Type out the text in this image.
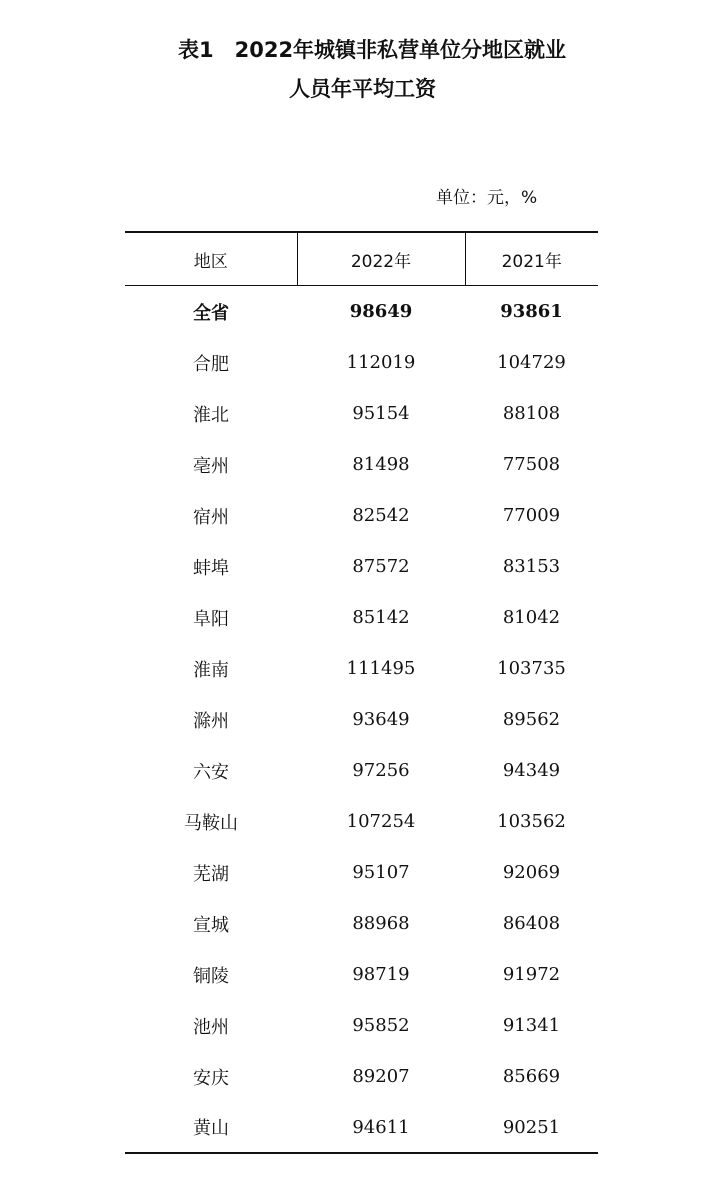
表1　2022年城镇非私营单位分地区就业
人员年平均工资
单位：元，%
地区	2022年	2021年
全省	98649	93861
合肥	112019	104729
淮北	95154	88108
亳州	81498	77508
宿州	82542	77009
蚌埠	87572	83153
阜阳	85142	81042
淮南	111495	103735
滁州	93649	89562
六安	97256	94349
马鞍山	107254	103562
芜湖	95107	92069
宣城	88968	86408
铜陵	98719	91972
池州	95852	91341
安庆	89207	85669
黄山	94611	90251
